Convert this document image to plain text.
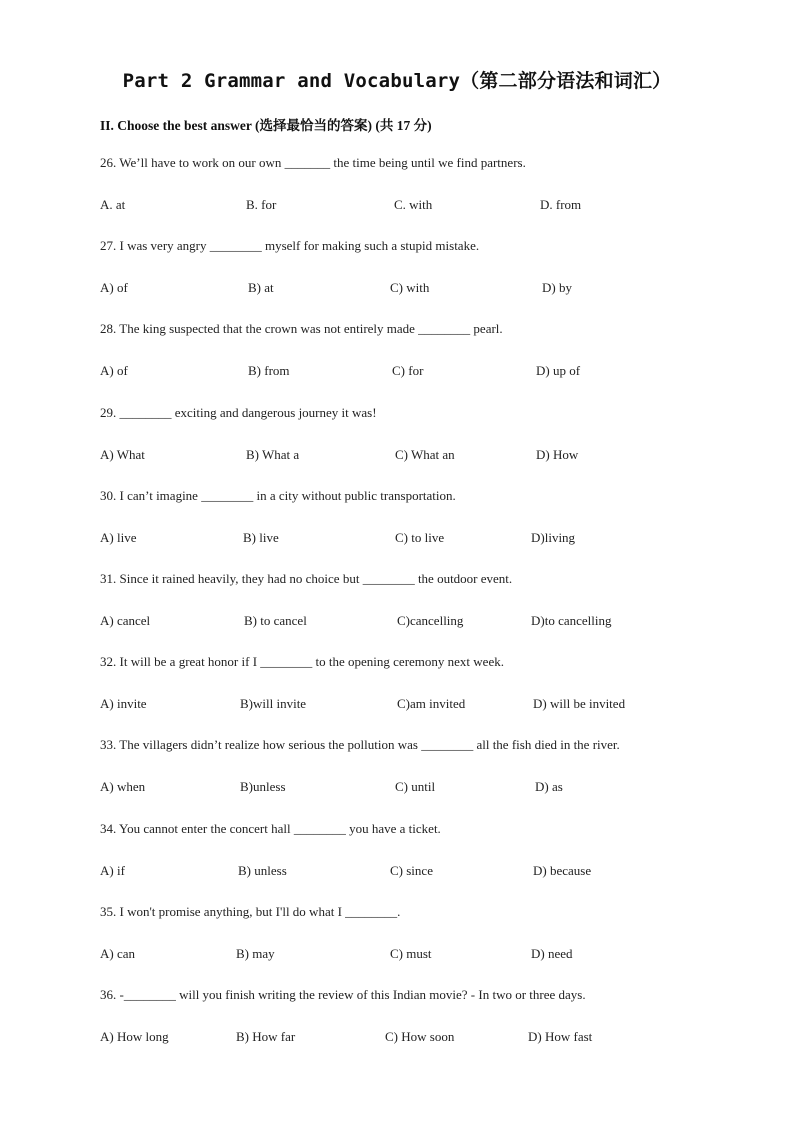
Part 2 Grammar and Vocabulary（第二部分语法和词汇）
II. Choose the best answer (选择最恰当的答案) (共 17 分)
26. We’ll have to work on our own _______ the time being until we find partners.
A. at	B. for	C. with	D. from
27. I was very angry ________ myself for making such a stupid mistake.
A) of	B) at	C) with	D) by
28. The king suspected that the crown was not entirely made ________ pearl.
A) of	B) from	C) for	D) up of
29. ________ exciting and dangerous journey it was!
A) What	B) What a	C) What an	D) How
30. I can’t imagine ________ in a city without public transportation.
A) live	B) live	C) to live	D)living
31. Since it rained heavily, they had no choice but ________ the outdoor event.
A) cancel	B) to cancel	C)cancelling	D)to cancelling
32. It will be a great honor if I ________ to the opening ceremony next week.
A) invite	B)will invite	C)am invited	D) will be invited
33. The villagers didn’t realize how serious the pollution was ________ all the fish died in the river.
A) when	B)unless	C) until	D) as
34. You cannot enter the concert hall ________ you have a ticket.
A) if	B) unless	C) since	D) because
35. I won't promise anything, but I'll do what I ________.
A) can	B) may	C) must	D) need
36. -________ will you finish writing the review of this Indian movie? - In two or three days.
A) How long	B) How far	C) How soon	D) How fast
